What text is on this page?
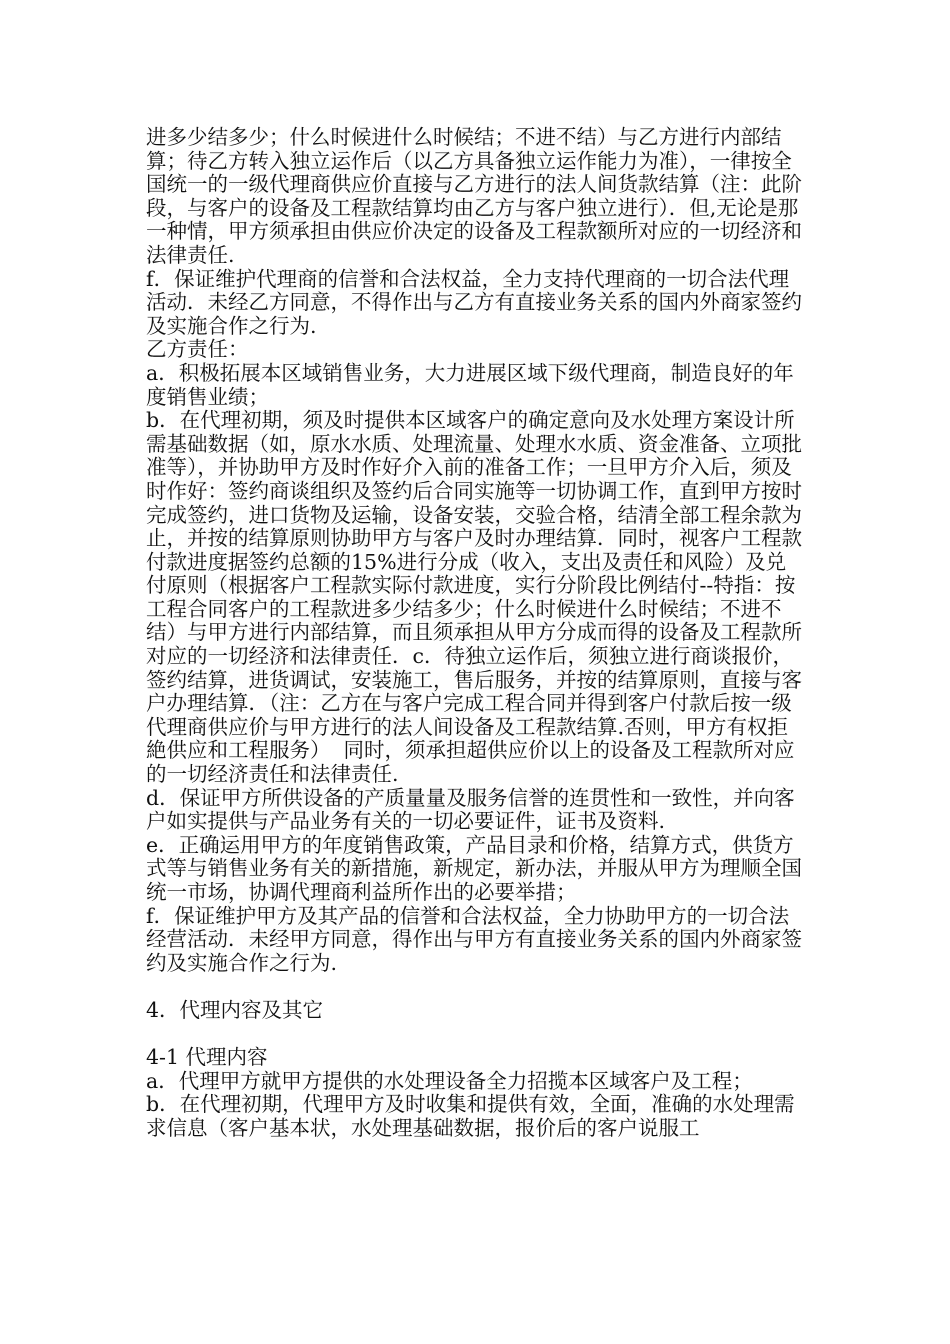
进多少结多少；什么时候进什么时候结；不进不结）与乙方进行内部结算；待乙方转入独立运作后（以乙方具备独立运作能力为准），一律按全国统一的一级代理商供应价直接与乙方进行的法人间货款结算（注：此阶段，与客户的设备及工程款结算均由乙方与客户独立进行）．但,无论是那一种情，甲方须承担由供应价决定的设备及工程款额所对应的一切经济和法律责任.

f．保证维护代理商的信誉和合法权益，全力支持代理商的一切合法代理活动．未经乙方同意，不得作出与乙方有直接业务关系的国内外商家签约及实施合作之行为.

乙方责任：

a．积极拓展本区域销售业务，大力进展区域下级代理商，制造良好的年度销售业绩；

b．在代理初期，须及时提供本区域客户的确定意向及水处理方案设计所需基础数据（如，原水水质、处理流量、处理水水质、资金准备、立项批准等），并协助甲方及时作好介入前的准备工作；一旦甲方介入后，须及时作好：签约商谈组织及签约后合同实施等一切协调工作，直到甲方按时完成签约，进口货物及运输，设备安装，交验合格，结清全部工程余款为止，并按的结算原则协助甲方与客户及时办理结算．同时，视客户工程款付款进度据签约总额的15%进行分成（收入，支出及责任和风险）及兑付原则（根据客户工程款实际付款进度，实行分阶段比例结付--特指：按工程合同客户的工程款进多少结多少；什么时候进什么时候结；不进不结）与甲方进行内部结算，而且须承担从甲方分成而得的设备及工程款所对应的一切经济和法律责任．c．待独立运作后，须独立进行商谈报价，签约结算，进货调试，安装施工，售后服务，并按的结算原则，直接与客户办理结算．（注：乙方在与客户完成工程合同并得到客户付款后按一级代理商供应价与甲方进行的法人间设备及工程款结算.否则，甲方有权拒絶供应和工程服务）  同时，须承担超供应价以上的设备及工程款所对应的一切经济责任和法律责任.

d．保证甲方所供设备的产质量量及服务信誉的连贯性和一致性，并向客户如实提供与产品业务有关的一切必要证件，证书及资料.

e．正确运用甲方的年度销售政策，产品目录和价格，结算方式，供货方式等与销售业务有关的新措施，新规定，新办法，并服从甲方为理顺全国统一市场，协调代理商利益所作出的必要举措；

f．保证维护甲方及其产品的信誉和合法权益，全力协助甲方的一切合法经营活动．未经甲方同意，得作出与甲方有直接业务关系的国内外商家签约及实施合作之行为.

4．代理内容及其它

4-1 代理内容

a．代理甲方就甲方提供的水处理设备全力招揽本区域客户及工程；

b．在代理初期，代理甲方及时收集和提供有效，全面，准确的水处理需求信息（客户基本状，水处理基础数据，报价后的客户说服工
